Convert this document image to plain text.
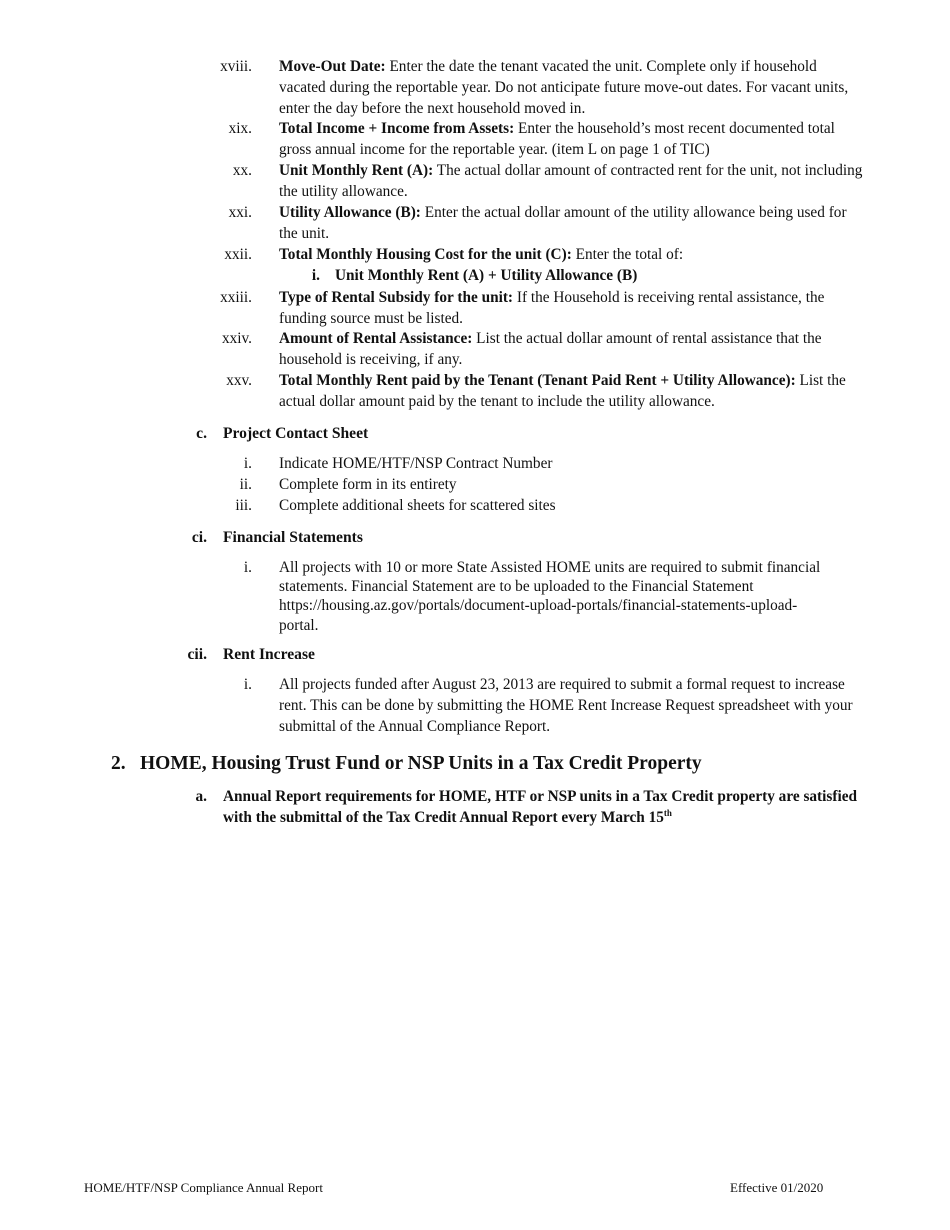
xviii. Move-Out Date: Enter the date the tenant vacated the unit. Complete only if household vacated during the reportable year. Do not anticipate future move-out dates. For vacant units, enter the day before the next household moved in.
xix. Total Income + Income from Assets: Enter the household’s most recent documented total gross annual income for the reportable year. (item L on page 1 of TIC)
xx. Unit Monthly Rent (A): The actual dollar amount of contracted rent for the unit, not including the utility allowance.
xxi. Utility Allowance (B): Enter the actual dollar amount of the utility allowance being used for the unit.
xxii. Total Monthly Housing Cost for the unit (C): Enter the total of:
i. Unit Monthly Rent (A) + Utility Allowance (B)
xxiii. Type of Rental Subsidy for the unit: If the Household is receiving rental assistance, the funding source must be listed.
xxiv. Amount of Rental Assistance: List the actual dollar amount of rental assistance that the household is receiving, if any.
xxv. Total Monthly Rent paid by the Tenant (Tenant Paid Rent + Utility Allowance): List the actual dollar amount paid by the tenant to include the utility allowance.
c. Project Contact Sheet
i. Indicate HOME/HTF/NSP Contract Number
ii. Complete form in its entirety
iii. Complete additional sheets for scattered sites
ci. Financial Statements
i. All projects with 10 or more State Assisted HOME units are required to submit financial statements. Financial Statement are to be uploaded to the Financial Statement https://housing.az.gov/portals/document-upload-portals/financial-statements-upload-portal.
cii. Rent Increase
i. All projects funded after August 23, 2013 are required to submit a formal request to increase rent. This can be done by submitting the HOME Rent Increase Request spreadsheet with your submittal of the Annual Compliance Report.
2. HOME, Housing Trust Fund or NSP Units in a Tax Credit Property
a. Annual Report requirements for HOME, HTF or NSP units in a Tax Credit property are satisfied with the submittal of the Tax Credit Annual Report every March 15th
HOME/HTF/NSP Compliance Annual Report	Effective 01/2020
